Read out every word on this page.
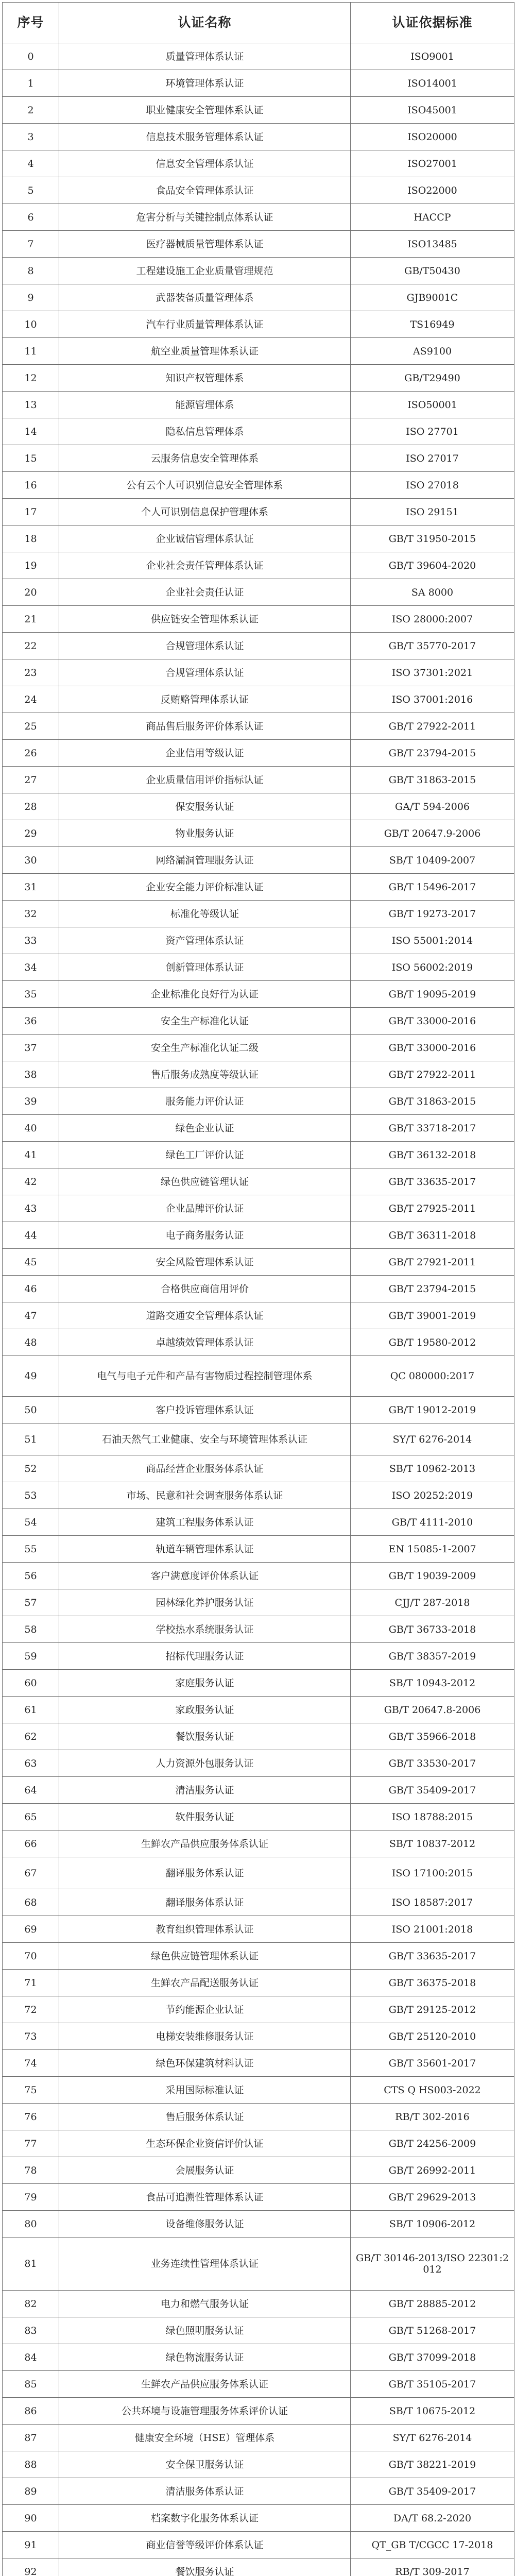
序号	认证名称	认证依据标准
0	质量管理体系认证	ISO9001
1	环境管理体系认证	ISO14001
2	职业健康安全管理体系认证	ISO45001
3	信息技术服务管理体系认证	ISO20000
4	信息安全管理体系认证	ISO27001
5	食品安全管理体系认证	ISO22000
6	危害分析与关键控制点体系认证	HACCP
7	医疗器械质量管理体系认证	ISO13485
8	工程建设施工企业质量管理规范	GB/T50430
9	武器装备质量管理体系	GJB9001C
10	汽车行业质量管理体系认证	TS16949
11	航空业质量管理体系认证	AS9100
12	知识产权管理体系	GB/T29490
13	能源管理体系	ISO50001
14	隐私信息管理体系	ISO 27701
15	云服务信息安全管理体系	ISO 27017
16	公有云个人可识别信息安全管理体系	ISO 27018
17	个人可识别信息保护管理体系	ISO 29151
18	企业诚信管理体系认证	GB/T 31950-2015
19	企业社会责任管理体系认证	GB/T 39604-2020
20	企业社会责任认证	SA 8000
21	供应链安全管理体系认证	ISO 28000:2007
22	合规管理体系认证	GB/T 35770-2017
23	合规管理体系认证	ISO 37301:2021
24	反贿赂管理体系认证	ISO 37001:2016
25	商品售后服务评价体系认证	GB/T 27922-2011
26	企业信用等级认证	GB/T 23794-2015
27	企业质量信用评价指标认证	GB/T 31863-2015
28	保安服务认证	GA/T 594-2006
29	物业服务认证	GB/T 20647.9-2006
30	网络漏洞管理服务认证	SB/T 10409-2007
31	企业安全能力评价标准认证	GB/T 15496-2017
32	标准化等级认证	GB/T 19273-2017
33	资产管理体系认证	ISO 55001:2014
34	创新管理体系认证	ISO 56002:2019
35	企业标准化良好行为认证	GB/T 19095-2019
36	安全生产标准化认证	GB/T 33000-2016
37	安全生产标准化认证二级	GB/T 33000-2016
38	售后服务成熟度等级认证	GB/T 27922-2011
39	服务能力评价认证	GB/T 31863-2015
40	绿色企业认证	GB/T 33718-2017
41	绿色工厂评价认证	GB/T 36132-2018
42	绿色供应链管理认证	GB/T 33635-2017
43	企业品牌评价认证	GB/T 27925-2011
44	电子商务服务认证	GB/T 36311-2018
45	安全风险管理体系认证	GB/T 27921-2011
46	合格供应商信用评价	GB/T 23794-2015
47	道路交通安全管理体系认证	GB/T 39001-2019
48	卓越绩效管理体系认证	GB/T 19580-2012
49	电气与电子元件和产品有害物质过程控制管理体系	QC 080000:2017
50	客户投诉管理体系认证	GB/T 19012-2019
51	石油天然气工业健康、安全与环境管理体系认证	SY/T 6276-2014
52	商品经营企业服务体系认证	SB/T 10962-2013
53	市场、民意和社会调查服务体系认证	ISO 20252:2019
54	建筑工程服务体系认证	GB/T 4111-2010
55	轨道车辆管理体系认证	EN 15085-1-2007
56	客户满意度评价体系认证	GB/T 19039-2009
57	园林绿化养护服务认证	CJJ/T 287-2018
58	学校热水系统服务认证	GB/T 36733-2018
59	招标代理服务认证	GB/T 38357-2019
60	家庭服务认证	SB/T 10943-2012
61	家政服务认证	GB/T 20647.8-2006
62	餐饮服务认证	GB/T 35966-2018
63	人力资源外包服务认证	GB/T 33530-2017
64	清洁服务认证	GB/T 35409-2017
65	软件服务认证	ISO 18788:2015
66	生鲜农产品供应服务体系认证	SB/T 10837-2012
67	翻译服务体系认证	ISO 17100:2015
68	翻译服务体系认证	ISO 18587:2017
69	教育组织管理体系认证	ISO 21001:2018
70	绿色供应链管理体系认证	GB/T 33635-2017
71	生鲜农产品配送服务认证	GB/T 36375-2018
72	节约能源企业认证	GB/T 29125-2012
73	电梯安装维修服务认证	GB/T 25120-2010
74	绿色环保建筑材料认证	GB/T 35601-2017
75	采用国际标准认证	CTS Q HS003-2022
76	售后服务体系认证	RB/T 302-2016
77	生态环保企业资信评价认证	GB/T 24256-2009
78	会展服务认证	GB/T 26992-2011
79	食品可追溯性管理体系认证	GB/T 29629-2013
80	设备维修服务认证	SB/T 10906-2012
81	业务连续性管理体系认证	GB/T 30146-2013/ISO 22301:2012
82	电力和燃气服务认证	GB/T 28885-2012
83	绿色照明服务认证	GB/T 51268-2017
84	绿色物流服务认证	GB/T 37099-2018
85	生鲜农产品供应服务体系认证	GB/T 35105-2017
86	公共环境与设施管理服务体系评价认证	SB/T 10675-2012
87	健康安全环境（HSE）管理体系	SY/T 6276-2014
88	安全保卫服务认证	GB/T 38221-2019
89	清洁服务体系认证	GB/T 35409-2017
90	档案数字化服务体系认证	DA/T 68.2-2020
91	商业信誉等级评价体系认证	QT_GB T/CGCC 17-2018
92	餐饮服务认证	RB/T 309-2017
